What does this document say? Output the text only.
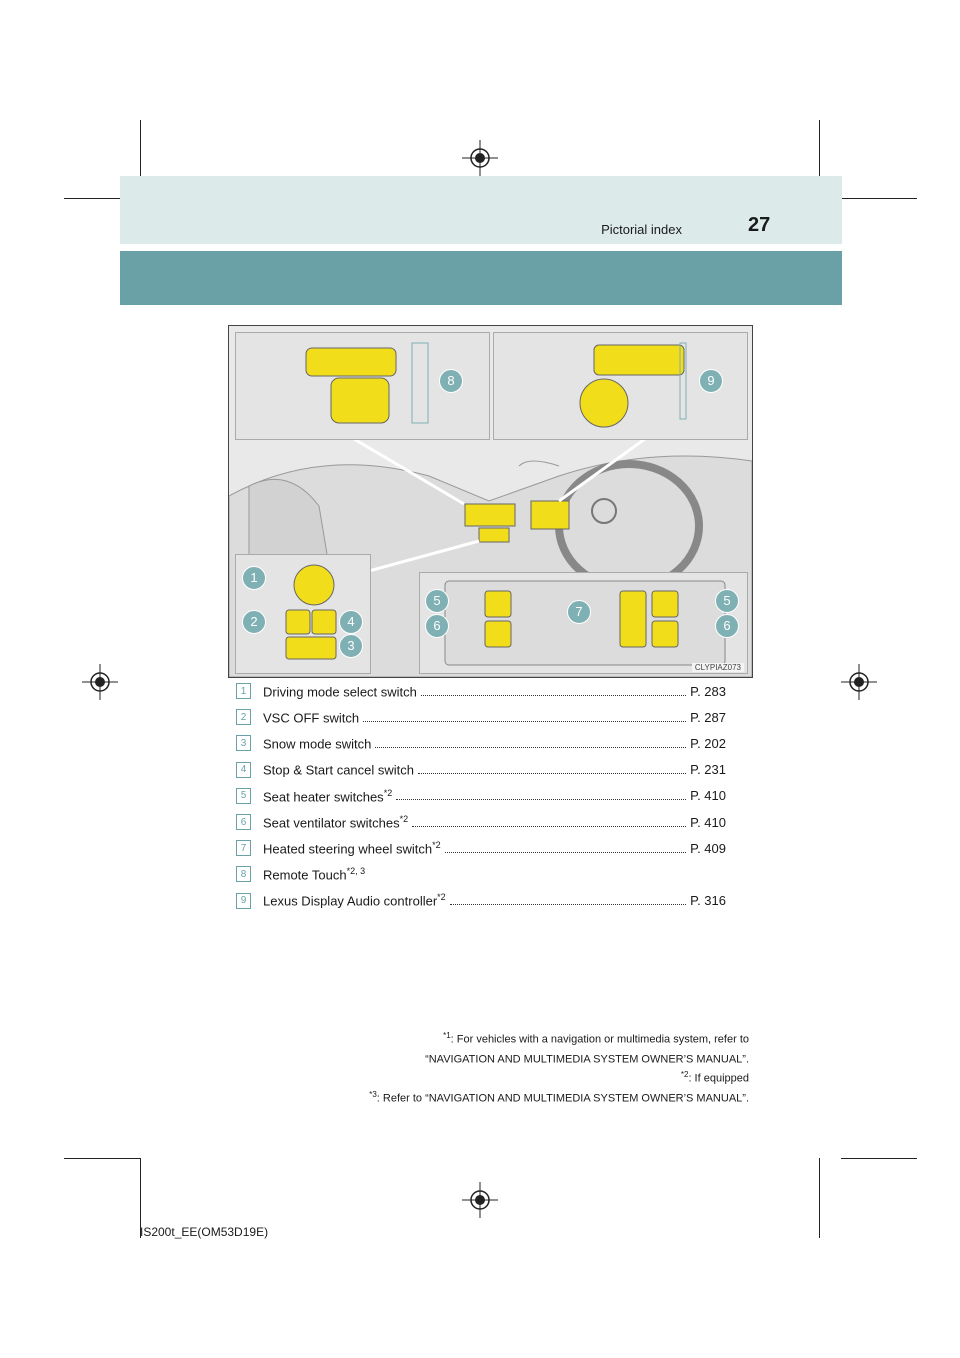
Pictorial index	27
8	9
1
2
3
4
5
6
7
5
6
CLYPIAZ073
1	Driving mode select switch	P. 283
2	VSC OFF switch	P. 287
3	Snow mode switch	P. 202
4	Stop & Start cancel switch	P. 231
5	Seat heater switches$^{*2}$	P. 410
6	Seat ventilator switches$^{*2}$	P. 410
7	Heated steering wheel switch$^{*2}$	P. 409
8	Remote Touch$^{*2, 3}$
9	Lexus Display Audio controller$^{*2}$	P. 316
$^{*1}$: For vehicles with a navigation or multimedia system, refer to
“NAVIGATION AND MULTIMEDIA SYSTEM OWNER’S MANUAL”.
$^{*2}$: If equipped
$^{*3}$: Refer to “NAVIGATION AND MULTIMEDIA SYSTEM OWNER’S MANUAL”.
IS200t_EE(OM53D19E)
